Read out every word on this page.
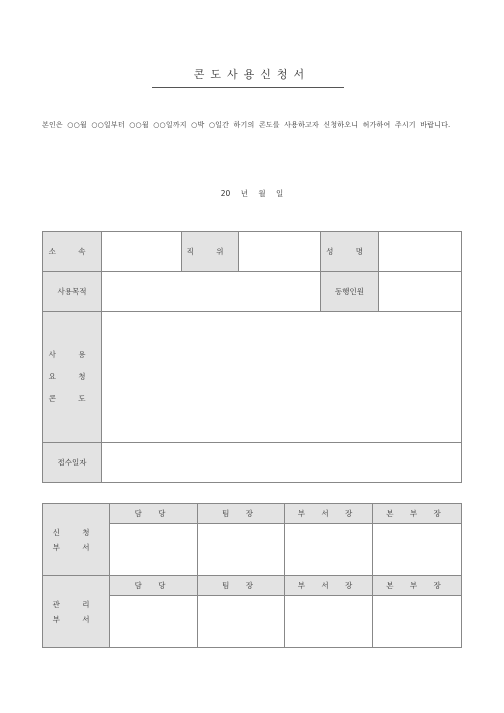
콘도사용신청서
본인은 ○○월 ○○일부터 ○○월 ○○일까지 ○박 ○일간 하기의 콘도를 사용하고자 신청하오니 허가하여 주시기 바랍니다.
20 년 월 일
소 속		직 위		성 명	
사용목적				동행인원	

사 용
요 청
콘 도					

접수일자					
신 청
부 서	담 당	팀 장	부 서 장	본 부 장

관 리
부 서	담 당	팀 장	부 서 장	본 부 장
